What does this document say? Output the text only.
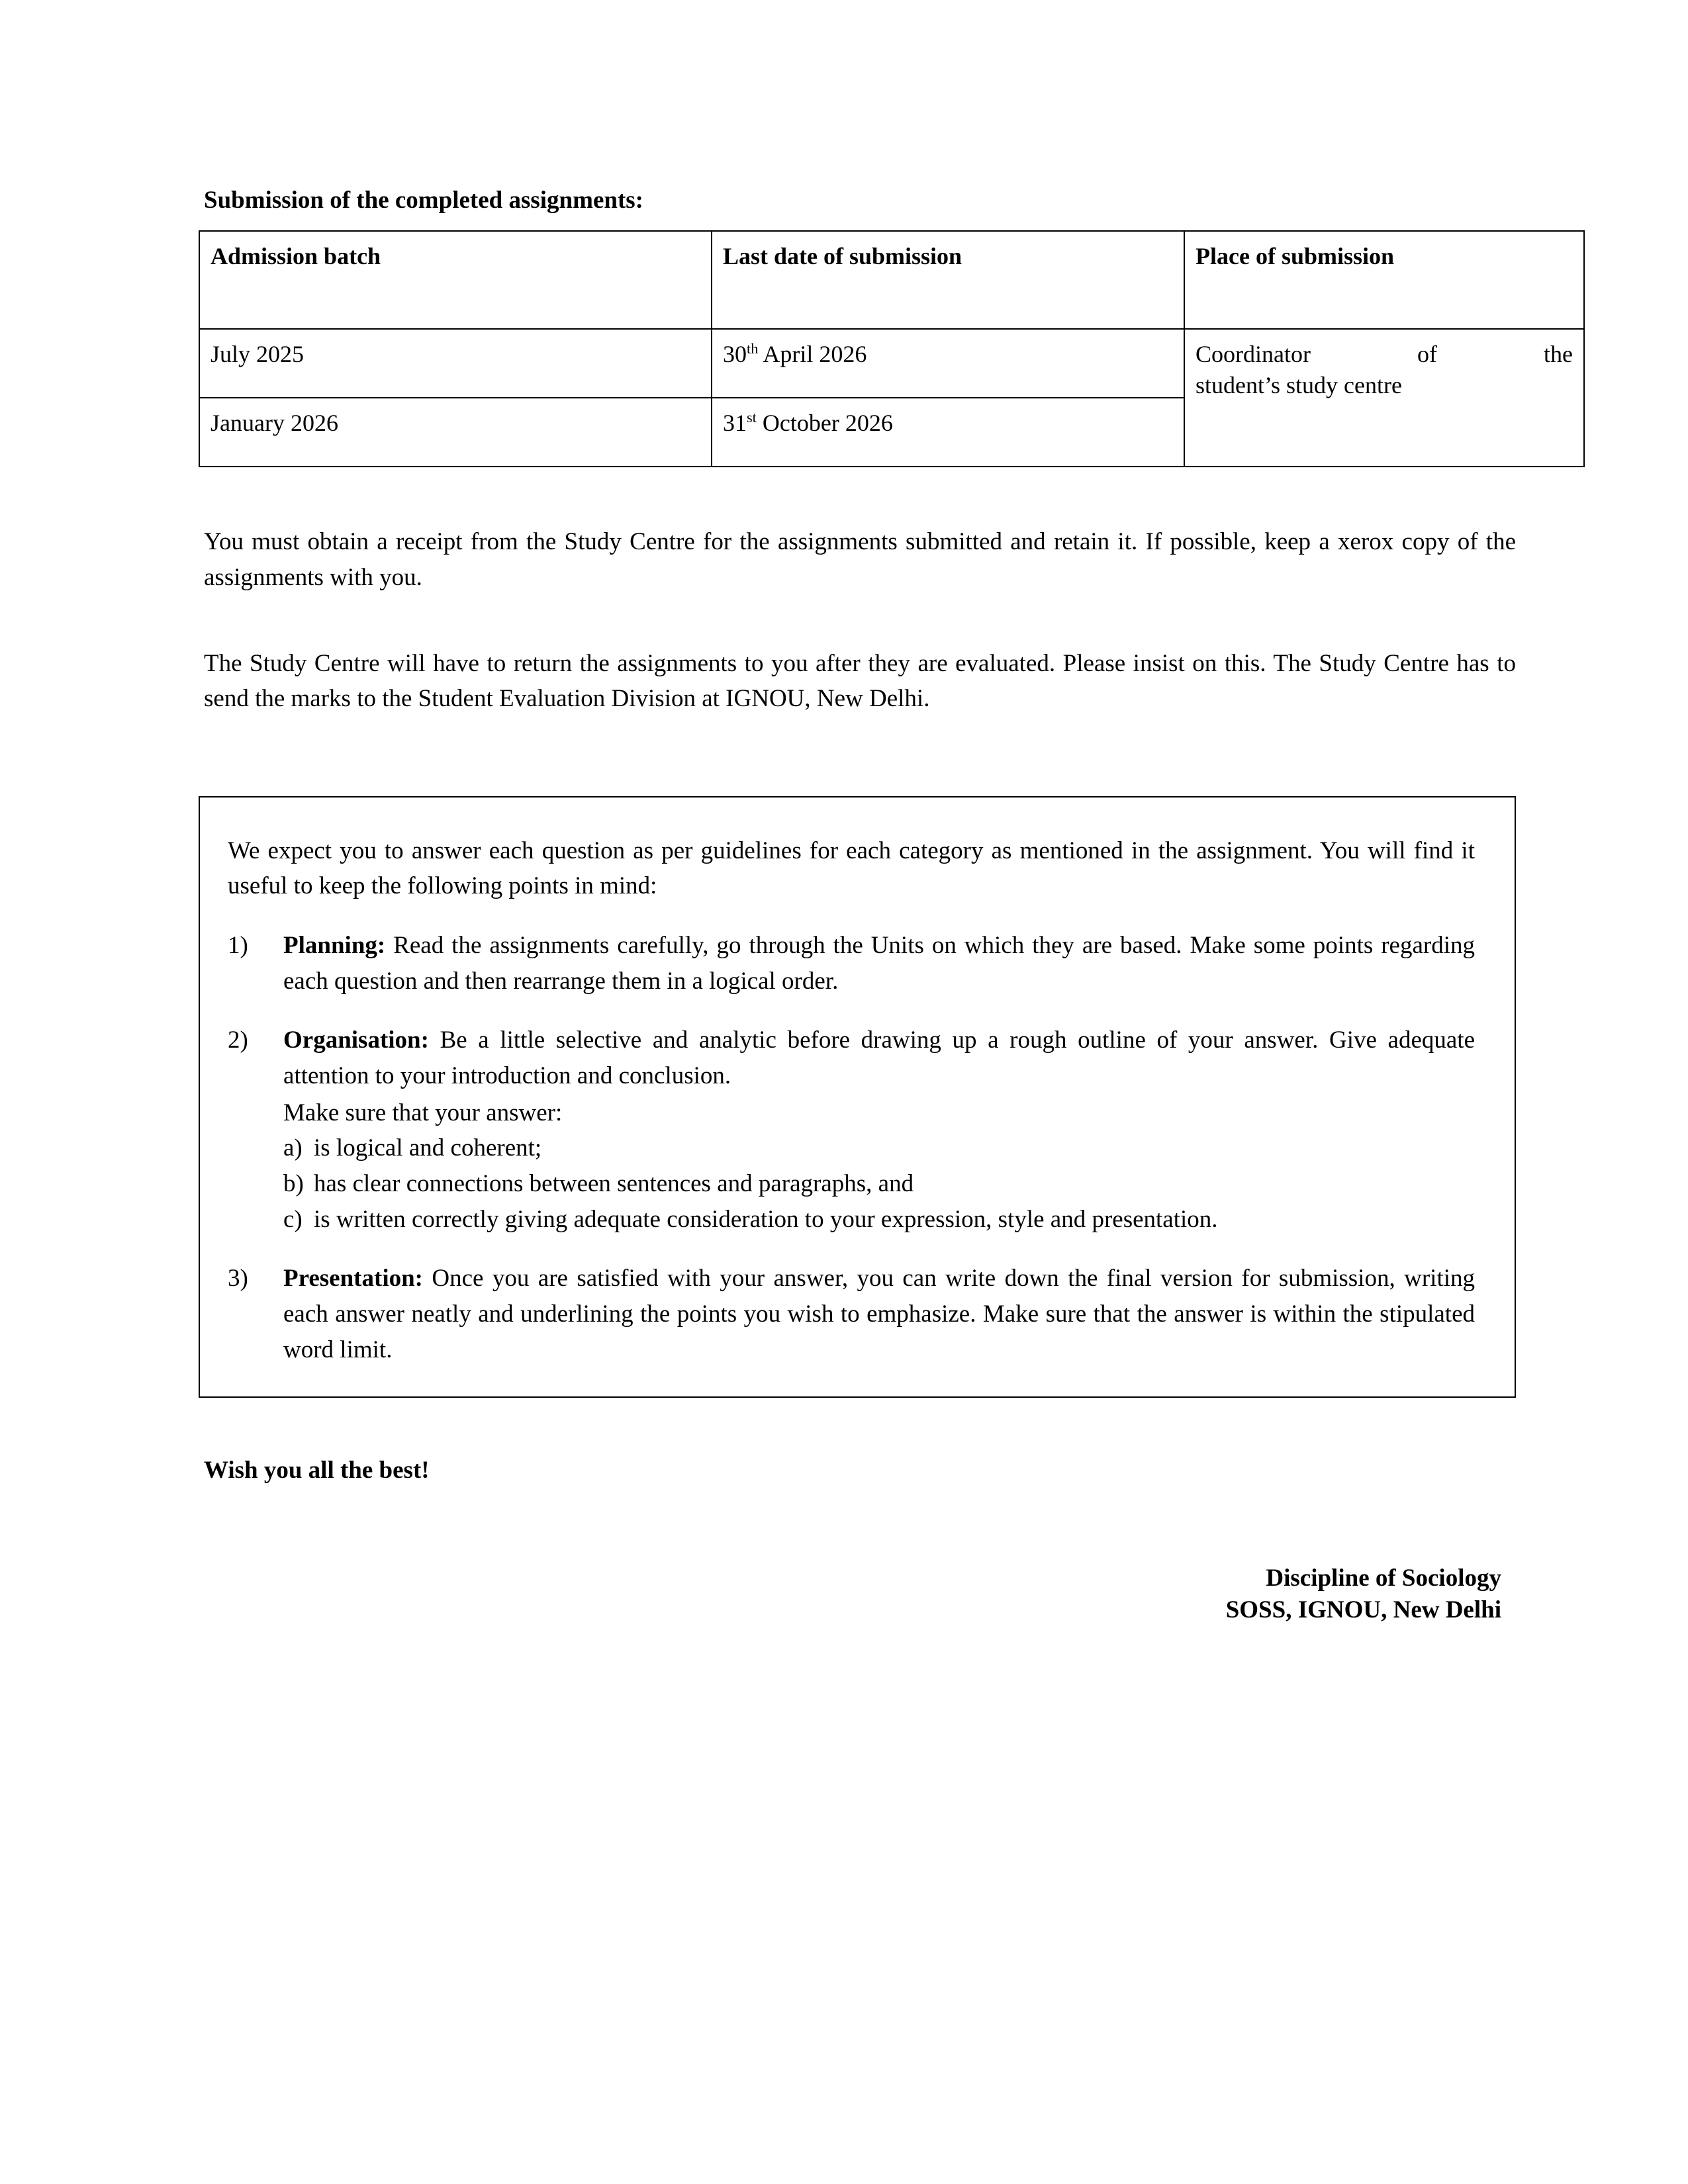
Submission of the completed assignments:
Admission batch	Last date of submission	Place of submission
July 2025	30th April 2026	Coordinator of the
student’s study centre

January 2026	31st October 2026	

You must obtain a receipt from the Study Centre for the assignments submitted and retain it. If possible, keep a xerox copy of the assignments with you.

The Study Centre will have to return the assignments to you after they are evaluated. Please insist on this. The Study Centre has to send the marks to the Student Evaluation Division at IGNOU, New Delhi.

We expect you to answer each question as per guidelines for each category as mentioned in the assignment. You will find it useful to keep the following points in mind:

1)	Planning: Read the assignments carefully, go through the Units on which they are based. Make some points regarding each question and then rearrange them in a logical order.
2)	Organisation: Be a little selective and analytic before drawing up a rough outline of your answer. Give adequate attention to your introduction and conclusion.
Make sure that your answer:
a) is logical and coherent;
b) has clear connections between sentences and paragraphs, and
c) is written correctly giving adequate consideration to your expression, style and presentation.
3)	Presentation: Once you are satisfied with your answer, you can write down the final version for submission, writing each answer neatly and underlining the points you wish to emphasize. Make sure that the answer is within the stipulated word limit.
Wish you all the best!
Discipline of Sociology
SOSS, IGNOU, New Delhi
